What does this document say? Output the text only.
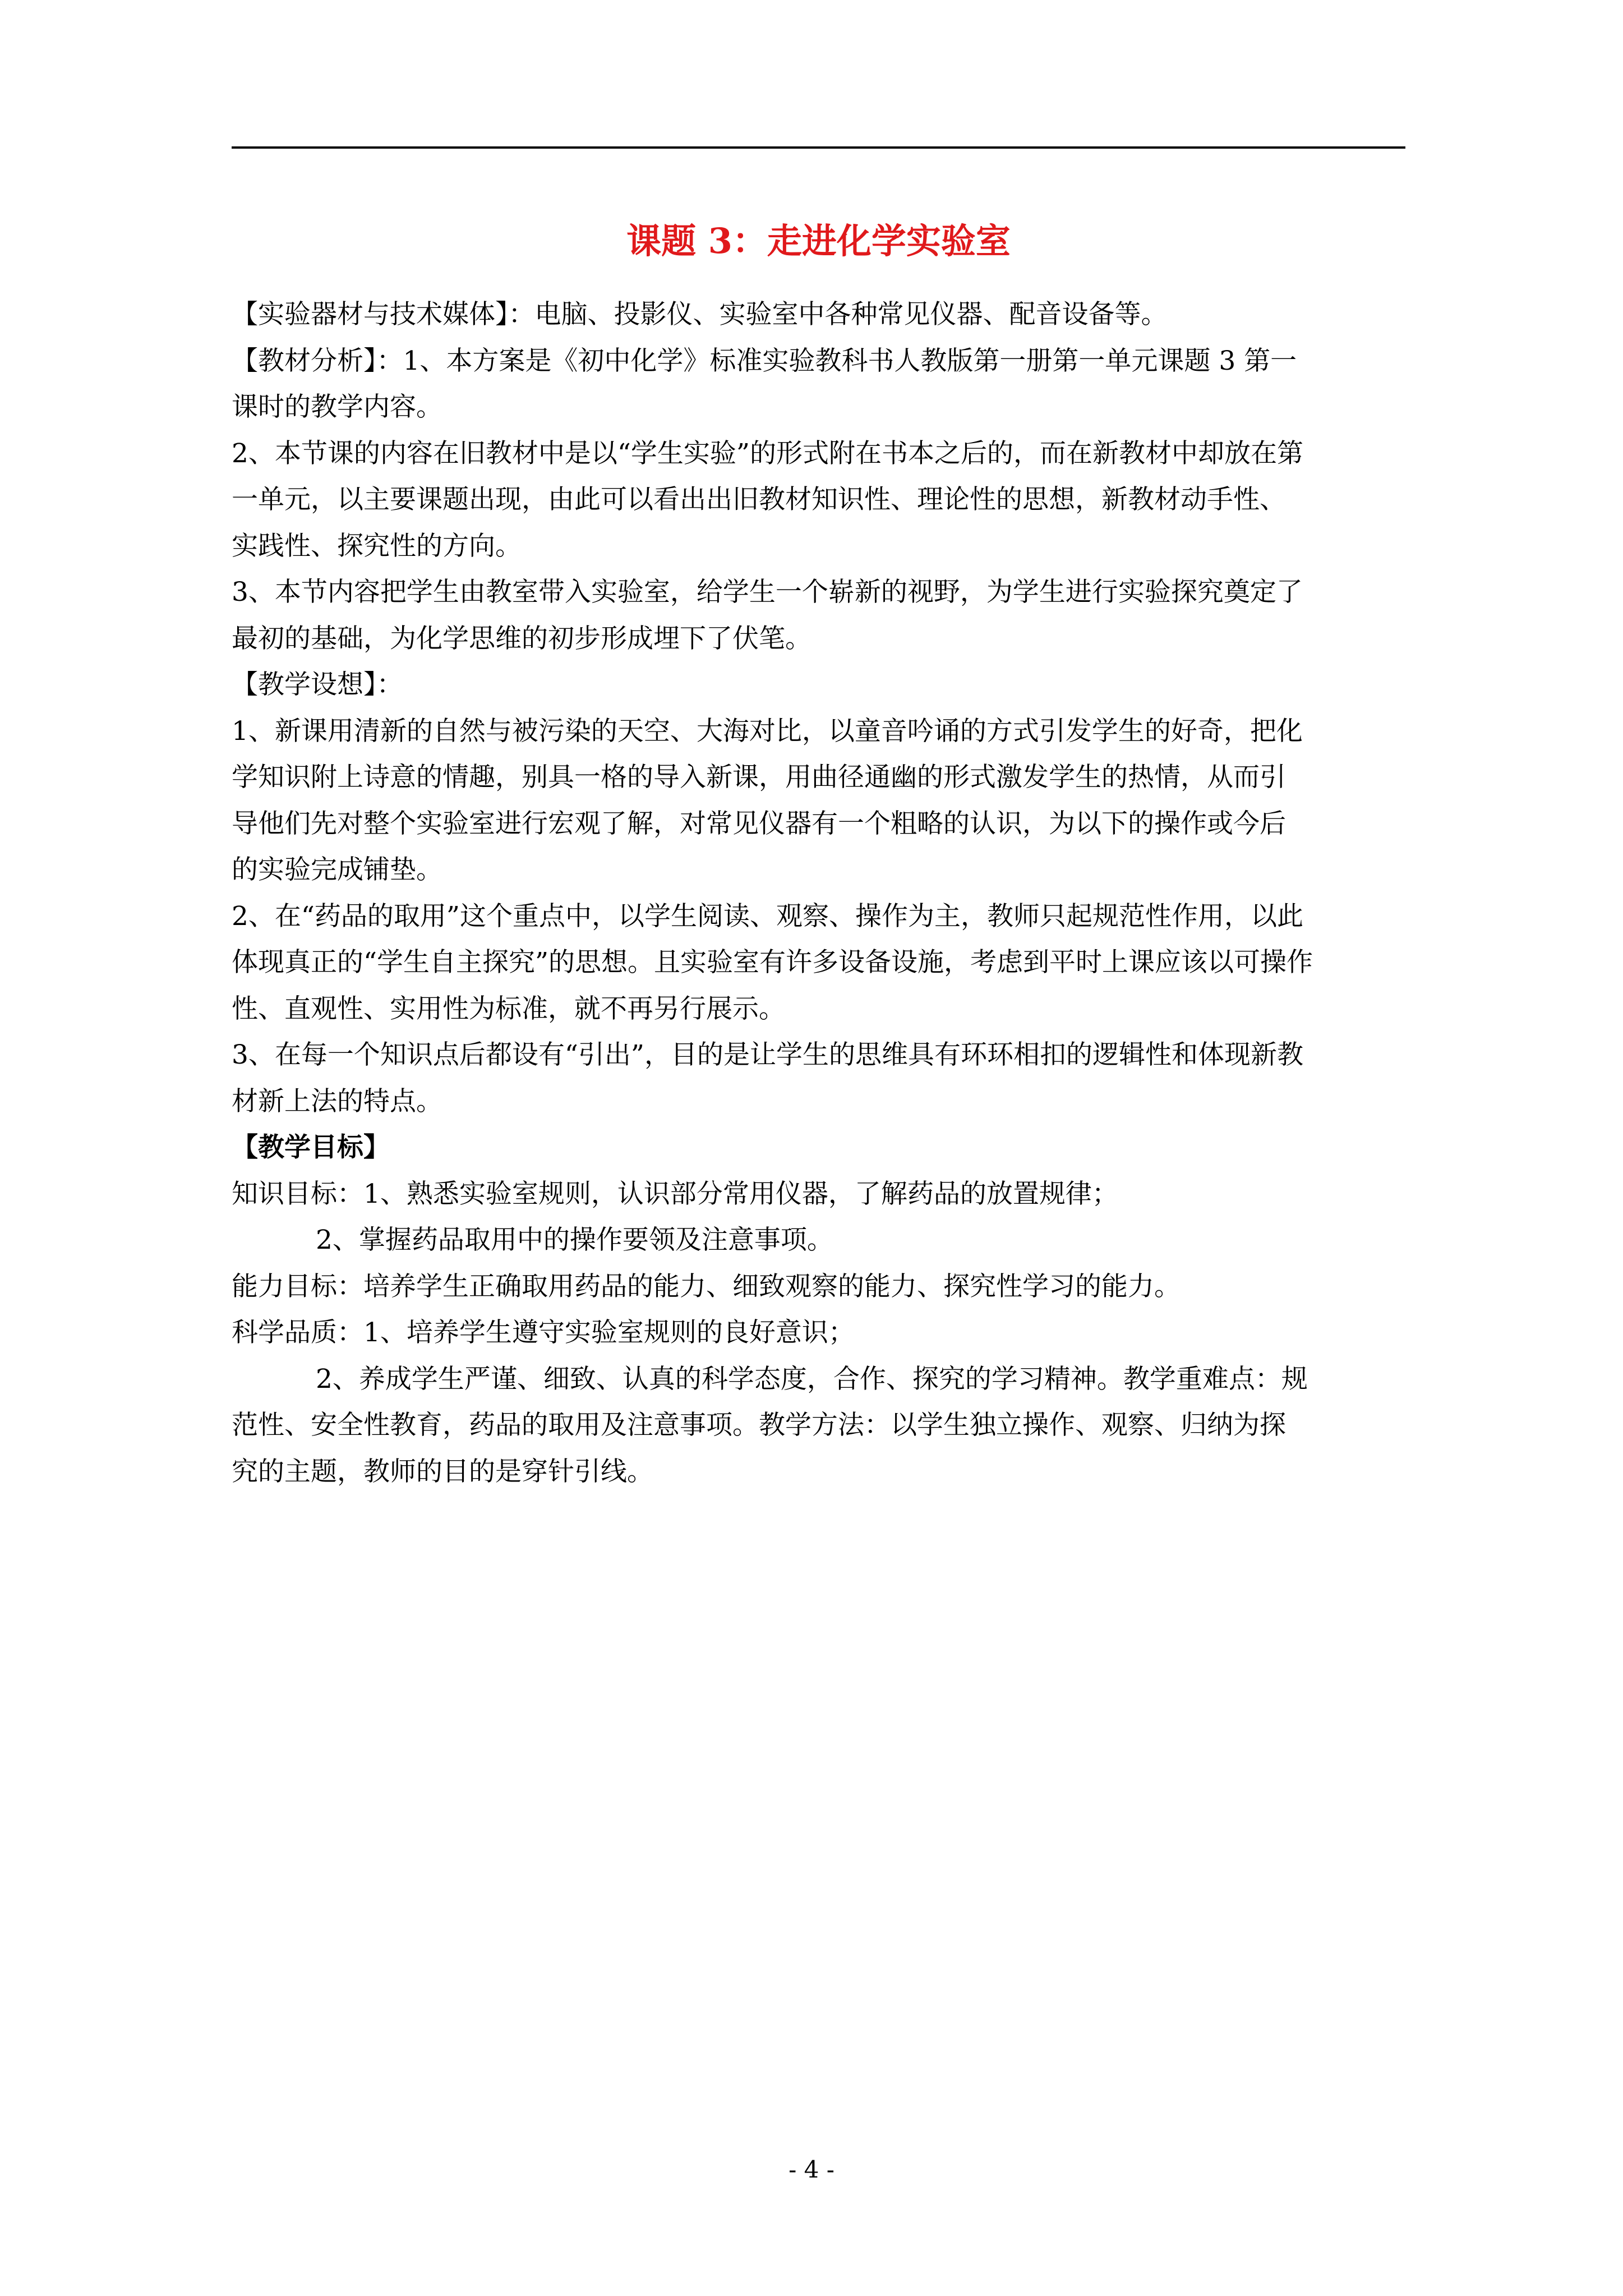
课题 3：走进化学实验室
【实验器材与技术媒体】：电脑、投影仪、实验室中各种常见仪器、配音设备等。
【教材分析】：1、本方案是《初中化学》标准实验教科书人教版第一册第一单元课题 3 第一
课时的教学内容。
2、本节课的内容在旧教材中是以“学生实验”的形式附在书本之后的，而在新教材中却放在第
一单元，以主要课题出现，由此可以看出出旧教材知识性、理论性的思想，新教材动手性、
实践性、探究性的方向。
3、本节内容把学生由教室带入实验室，给学生一个崭新的视野，为学生进行实验探究奠定了
最初的基础，为化学思维的初步形成埋下了伏笔。
【教学设想】：
1、新课用清新的自然与被污染的天空、大海对比，以童音吟诵的方式引发学生的好奇，把化
学知识附上诗意的情趣，别具一格的导入新课，用曲径通幽的形式激发学生的热情，从而引
导他们先对整个实验室进行宏观了解，对常见仪器有一个粗略的认识，为以下的操作或今后
的实验完成铺垫。
2、在“药品的取用”这个重点中，以学生阅读、观察、操作为主，教师只起规范性作用，以此
体现真正的“学生自主探究”的思想。且实验室有许多设备设施，考虑到平时上课应该以可操作
性、直观性、实用性为标准，就不再另行展示。
3、在每一个知识点后都设有“引出”，目的是让学生的思维具有环环相扣的逻辑性和体现新教
材新上法的特点。
【教学目标】
知识目标：1、熟悉实验室规则，认识部分常用仪器，了解药品的放置规律；
2、掌握药品取用中的操作要领及注意事项。
能力目标：培养学生正确取用药品的能力、细致观察的能力、探究性学习的能力。
科学品质：1、培养学生遵守实验室规则的良好意识；
2、养成学生严谨、细致、认真的科学态度，合作、探究的学习精神。教学重难点：规
范性、安全性教育，药品的取用及注意事项。教学方法：以学生独立操作、观察、归纳为探
究的主题，教师的目的是穿针引线。
- 4 -
